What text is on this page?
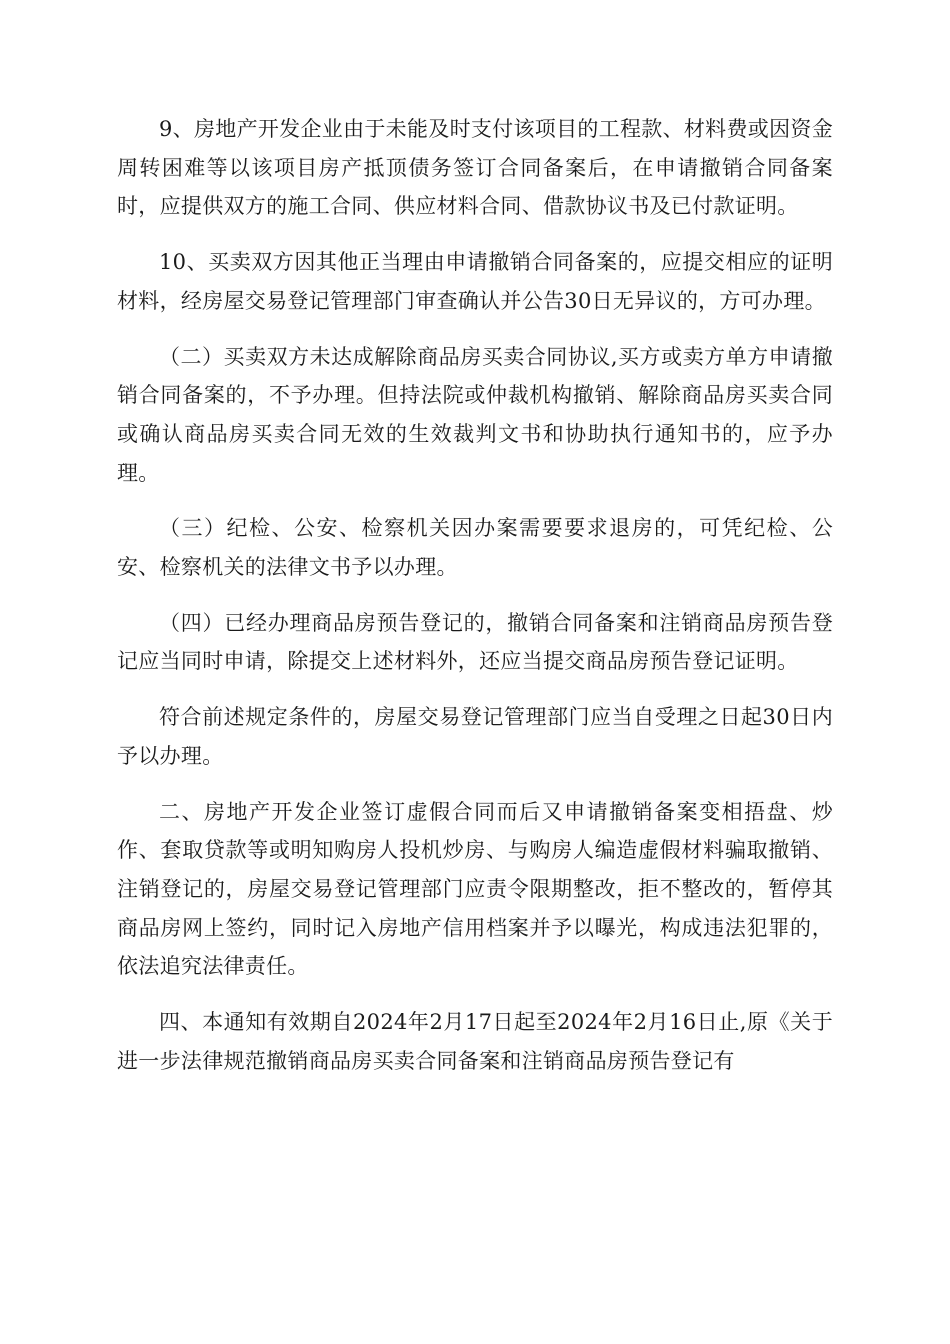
9、房地产开发企业由于未能及时支付该项目的工程款、材料费或因资金周转困难等以该项目房产抵顶债务签订合同备案后，在申请撤销合同备案时，应提供双方的施工合同、供应材料合同、借款协议书及已付款证明。

10、买卖双方因其他正当理由申请撤销合同备案的，应提交相应的证明材料，经房屋交易登记管理部门审查确认并公告30日无异议的，方可办理。

（二）买卖双方未达成解除商品房买卖合同协议,买方或卖方单方申请撤销合同备案的，不予办理。但持法院或仲裁机构撤销、解除商品房买卖合同或确认商品房买卖合同无效的生效裁判文书和协助执行通知书的，应予办理。

（三）纪检、公安、检察机关因办案需要要求退房的，可凭纪检、公安、检察机关的法律文书予以办理。

（四）已经办理商品房预告登记的，撤销合同备案和注销商品房预告登记应当同时申请，除提交上述材料外，还应当提交商品房预告登记证明。

符合前述规定条件的，房屋交易登记管理部门应当自受理之日起30日内予以办理。

二、房地产开发企业签订虚假合同而后又申请撤销备案变相捂盘、炒作、套取贷款等或明知购房人投机炒房、与购房人编造虚假材料骗取撤销、注销登记的，房屋交易登记管理部门应责令限期整改，拒不整改的，暂停其商品房网上签约，同时记入房地产信用档案并予以曝光，构成违法犯罪的，依法追究法律责任。

四、本通知有效期自2024年2月17日起至2024年2月16日止,原《关于进一步法律规范撤销商品房买卖合同备案和注销商品房预告登记有
